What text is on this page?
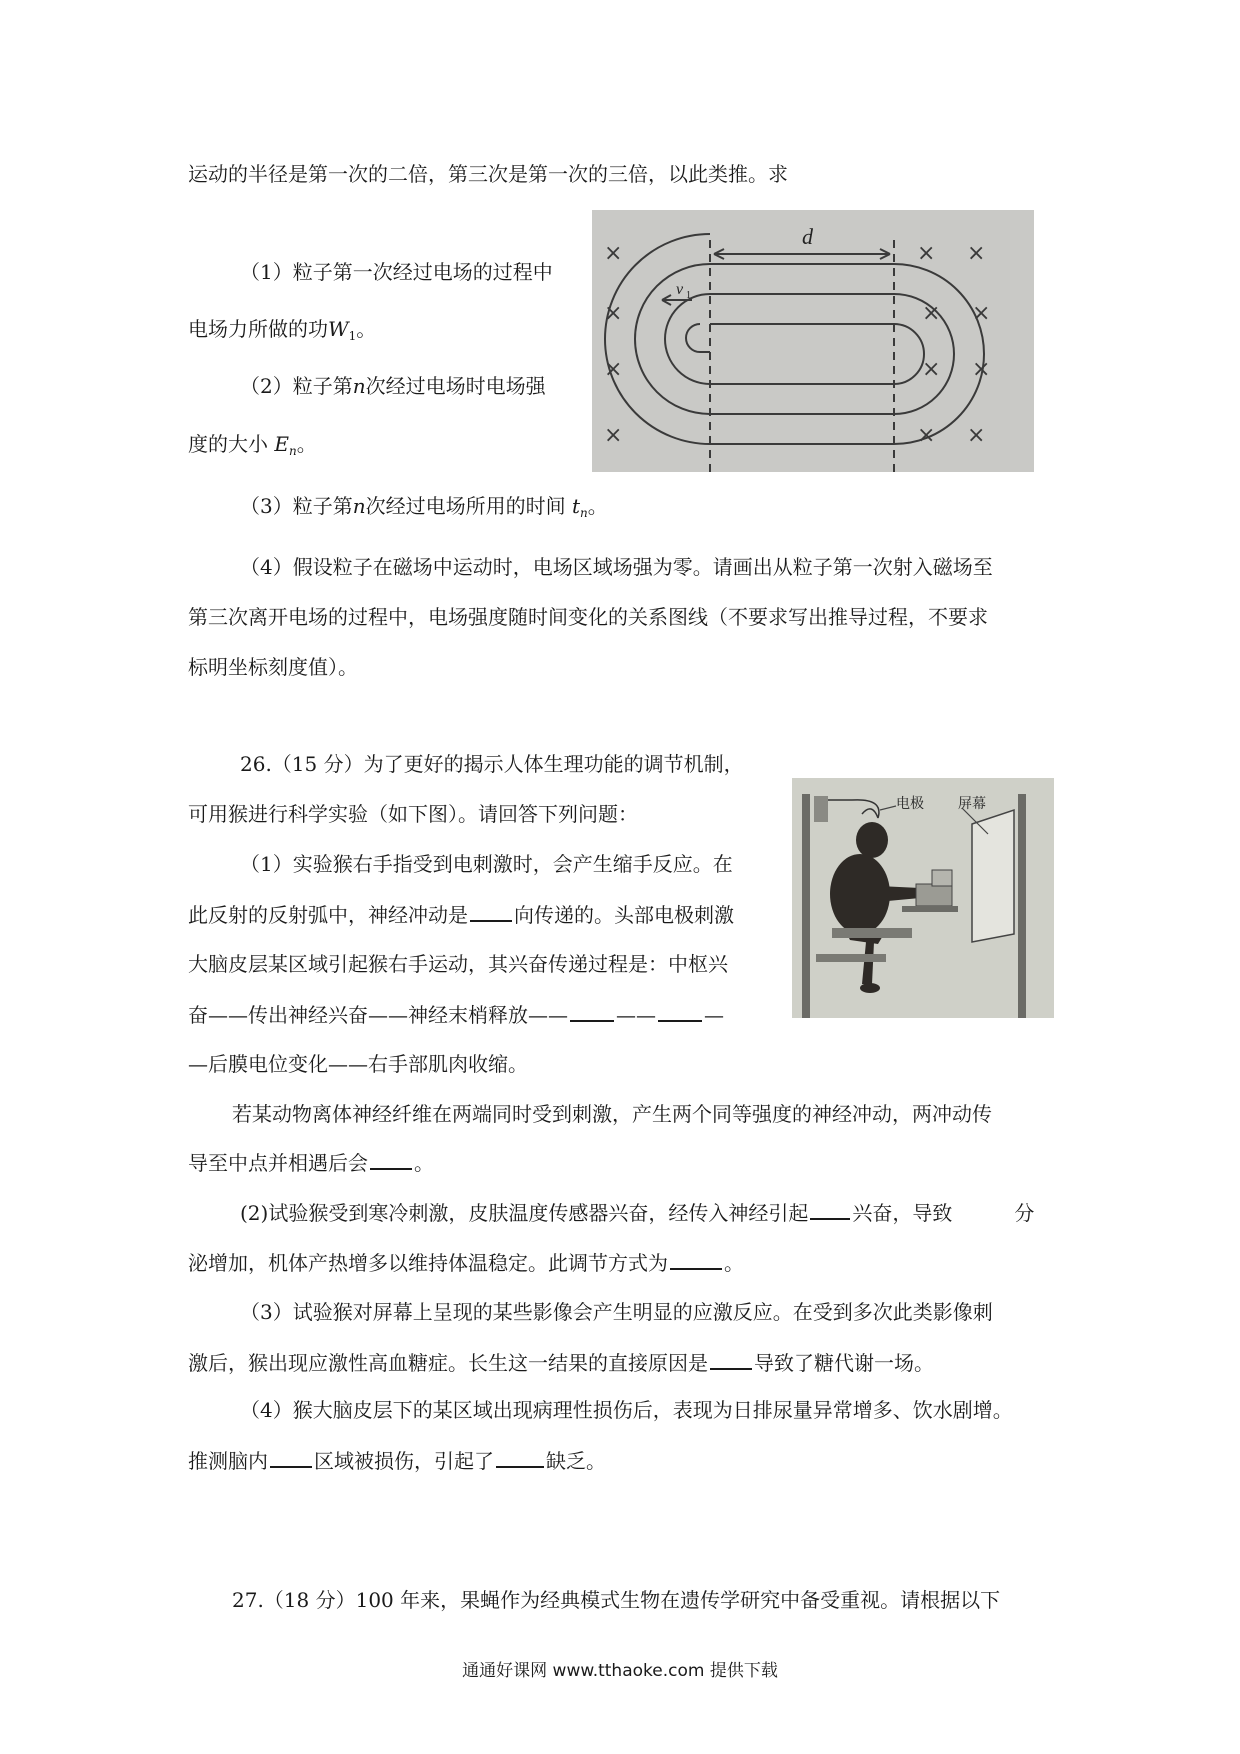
运动的半径是第一次的二倍，第三次是第一次的三倍，以此类推。求
（1）粒子第一次经过电场的过程中
电场力所做的功$W_1$。
（2）粒子第n次经过电场时电场强
度的大小 $E_n$。
（3）粒子第n次经过电场所用的时间 $t_n$。
（4）假设粒子在磁场中运动时，电场区域场强为零。请画出从粒子第一次射入磁场至
第三次离开电场的过程中，电场强度随时间变化的关系图线（不要求写出推导过程，不要求
标明坐标刻度值）。
d
v 1
×
×
×
×
× ×
× ×
× ×
× ×
26.（15 分）为了更好的揭示人体生理功能的调节机制，
可用猴进行科学实验（如下图）。请回答下列问题：
（1）实验猴右手指受到电刺激时，会产生缩手反应。在
此反射的反射弧中，神经冲动是 向传递的。头部电极刺激
大脑皮层某区域引起猴右手运动，其兴奋传递过程是：中枢兴
奋——传出神经兴奋——神经末梢释放—— —— —
—后膜电位变化——右手部肌肉收缩。
若某动物离体神经纤维在两端同时受到刺激，产生两个同等强度的神经冲动，两冲动传
导至中点并相遇后会 。
(2)试验猴受到寒冷刺激，皮肤温度传感器兴奋，经传入神经引起 兴奋，导致	分
泌增加，机体产热增多以维持体温稳定。此调节方式为	。
（3）试验猴对屏幕上呈现的某些影像会产生明显的应激反应。在受到多次此类影像刺
激后，猴出现应激性高血糖症。长生这一结果的直接原因是 导致了糖代谢一场。
（4）猴大脑皮层下的某区域出现病理性损伤后，表现为日排尿量异常增多、饮水剧增。
推测脑内 区域被损伤，引起了	缺乏。
电极 屏幕
27.（18 分）100 年来，果蝇作为经典模式生物在遗传学研究中备受重视。请根据以下
通通好课网 www.tthaoke.com 提供下载
